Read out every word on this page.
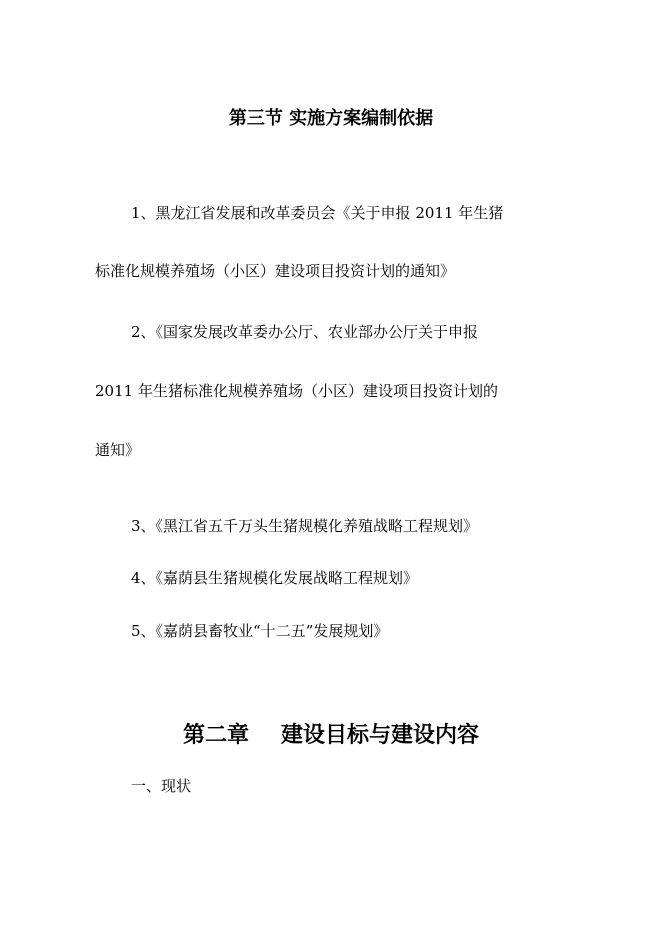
第三节 实施方案编制依据
1、黑龙江省发展和改革委员会《关于申报 2011 年生猪
标准化规模养殖场（小区）建设项目投资计划的通知》
2、《国家发展改革委办公厅、农业部办公厅关于申报
2011 年生猪标准化规模养殖场（小区）建设项目投资计划的
通知》
3、《黑江省五千万头生猪规模化养殖战略工程规划》
4、《嘉荫县生猪规模化发展战略工程规划》
5、《嘉荫县畜牧业“十二五”发展规划》
第二章 建设目标与建设内容
一、现状
